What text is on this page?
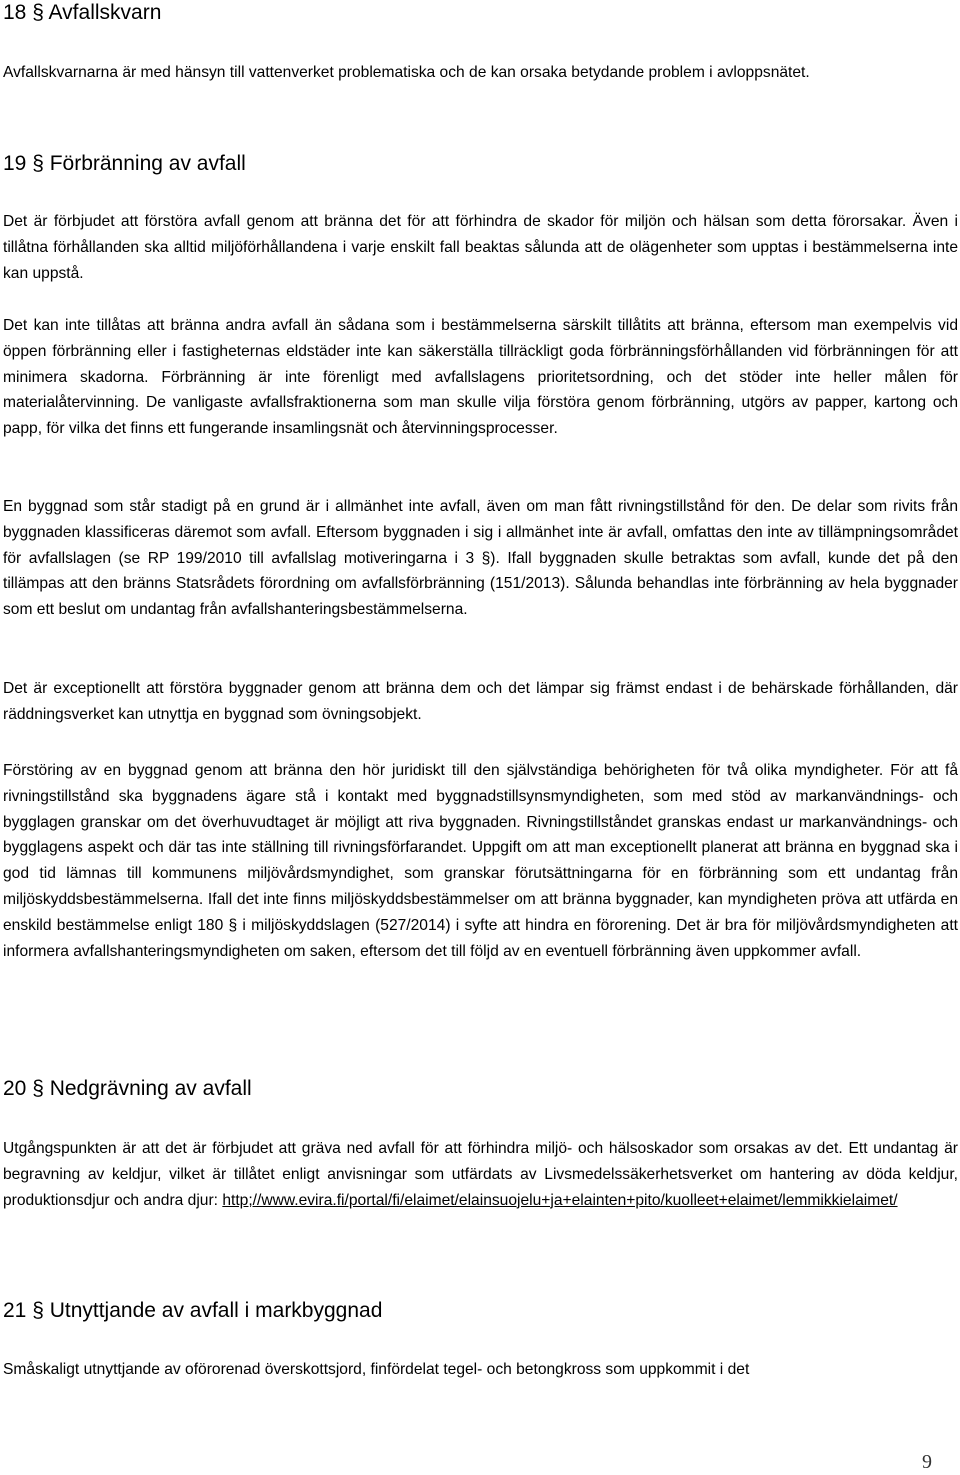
18 § Avfallskvarn

Avfallskvarnarna är med hänsyn till vattenverket problematiska och de kan orsaka betydande problem i avloppsnätet.

19 § Förbränning av avfall

Det är förbjudet att förstöra avfall genom att bränna det för att förhindra de skador för miljön och hälsan som detta förorsakar. Även i tillåtna förhållanden ska alltid miljöförhållandena i varje enskilt fall beaktas sålunda att de olägenheter som upptas i bestämmelserna inte kan uppstå.

Det kan inte tillåtas att bränna andra avfall än sådana som i bestämmelserna särskilt tillåtits att bränna, eftersom man exempelvis vid öppen förbränning eller i fastigheternas eldstäder inte kan säkerställa tillräckligt goda förbränningsförhållanden vid förbränningen för att minimera skadorna. Förbränning är inte förenligt med avfallslagens prioritetsordning, och det stöder inte heller målen för materialåtervinning. De vanligaste avfallsfraktionerna som man skulle vilja förstöra genom förbränning, utgörs av papper, kartong och papp, för vilka det finns ett fungerande insamlingsnät och återvinningsprocesser.

En byggnad som står stadigt på en grund är i allmänhet inte avfall, även om man fått rivningstillstånd för den. De delar som rivits från byggnaden klassificeras däremot som avfall. Eftersom byggnaden i sig i allmänhet inte är avfall, omfattas den inte av tillämpningsområdet för avfallslagen (se RP 199/2010 till avfallslag motiveringarna i 3 §). Ifall byggnaden skulle betraktas som avfall, kunde det på den tillämpas att den bränns Statsrådets förordning om avfallsförbränning (151/2013). Sålunda behandlas inte förbränning av hela byggnader som ett beslut om undantag från avfallshanteringsbestämmelserna.

Det är exceptionellt att förstöra byggnader genom att bränna dem och det lämpar sig främst endast i de behärskade förhållanden, där räddningsverket kan utnyttja en byggnad som övningsobjekt.

Förstöring av en byggnad genom att bränna den hör juridiskt till den självständiga behörigheten för två olika myndigheter. För att få rivningstillstånd ska byggnadens ägare stå i kontakt med byggnadstillsynsmyndigheten, som med stöd av markanvändnings- och bygglagen granskar om det överhuvudtaget är möjligt att riva byggnaden. Rivningstillståndet granskas endast ur markanvändnings- och bygglagens aspekt och där tas inte ställning till rivningsförfarandet. Uppgift om att man exceptionellt planerat att bränna en byggnad ska i god tid lämnas till kommunens miljövårdsmyndighet, som granskar förutsättningarna för en förbränning som ett undantag från miljöskyddsbestämmelserna. Ifall det inte finns miljöskyddsbestämmelser om att bränna byggnader, kan myndigheten pröva att utfärda en enskild bestämmelse enligt 180 § i miljöskyddslagen (527/2014) i syfte att hindra en förorening. Det är bra för miljövårdsmyndigheten att informera avfallshanteringsmyndigheten om saken, eftersom det till följd av en eventuell förbränning även uppkommer avfall.

20 § Nedgrävning av avfall

Utgångspunkten är att det är förbjudet att gräva ned avfall för att förhindra miljö- och hälsoskador som orsakas av det. Ett undantag är begravning av keldjur, vilket är tillåtet enligt anvisningar som utfärdats av Livsmedelssäkerhetsverket om hantering av döda keldjur, produktionsdjur och andra djur: http;//www.evira.fi/portal/fi/elaimet/elainsuojelu+ja+elainten+pito/kuolleet+elaimet/lemmikkielaimet/

21 § Utnyttjande av avfall i markbyggnad

Småskaligt utnyttjande av oförorenad överskottsjord, finfördelat tegel- och betongkross som uppkommit i det

9
